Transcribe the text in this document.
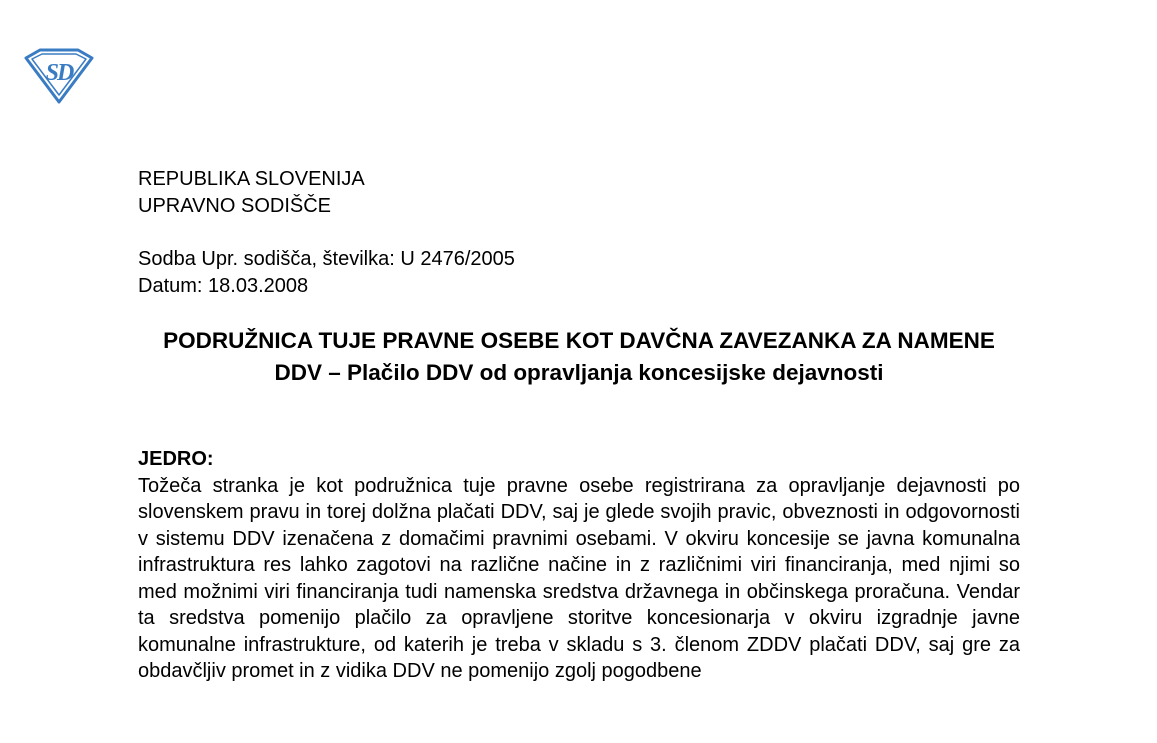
SD
REPUBLIKA SLOVENIJA
UPRAVNO SODIŠČE
Sodba Upr. sodišča, številka: U 2476/2005
Datum: 18.03.2008
PODRUŽNICA TUJE PRAVNE OSEBE KOT DAVČNA ZAVEZANKA ZA NAMENE DDV – Plačilo DDV od opravljanja koncesijske dejavnosti
JEDRO:

Tožeča stranka je kot podružnica tuje pravne osebe registrirana za opravljanje dejavnosti po slovenskem pravu in torej dolžna plačati DDV, saj je glede svojih pravic, obveznosti in odgovornosti v sistemu DDV izenačena z domačimi pravnimi osebami. V okviru koncesije se javna komunalna infrastruktura res lahko zagotovi na različne načine in z različnimi viri financiranja, med njimi so med možnimi viri financiranja tudi namenska sredstva državnega in občinskega proračuna. Vendar ta sredstva pomenijo plačilo za opravljene storitve koncesionarja v okviru izgradnje javne komunalne infrastrukture, od katerih je treba v skladu s 3. členom ZDDV plačati DDV, saj gre za obdavčljiv promet in z vidika DDV ne pomenijo zgolj pogodbene
